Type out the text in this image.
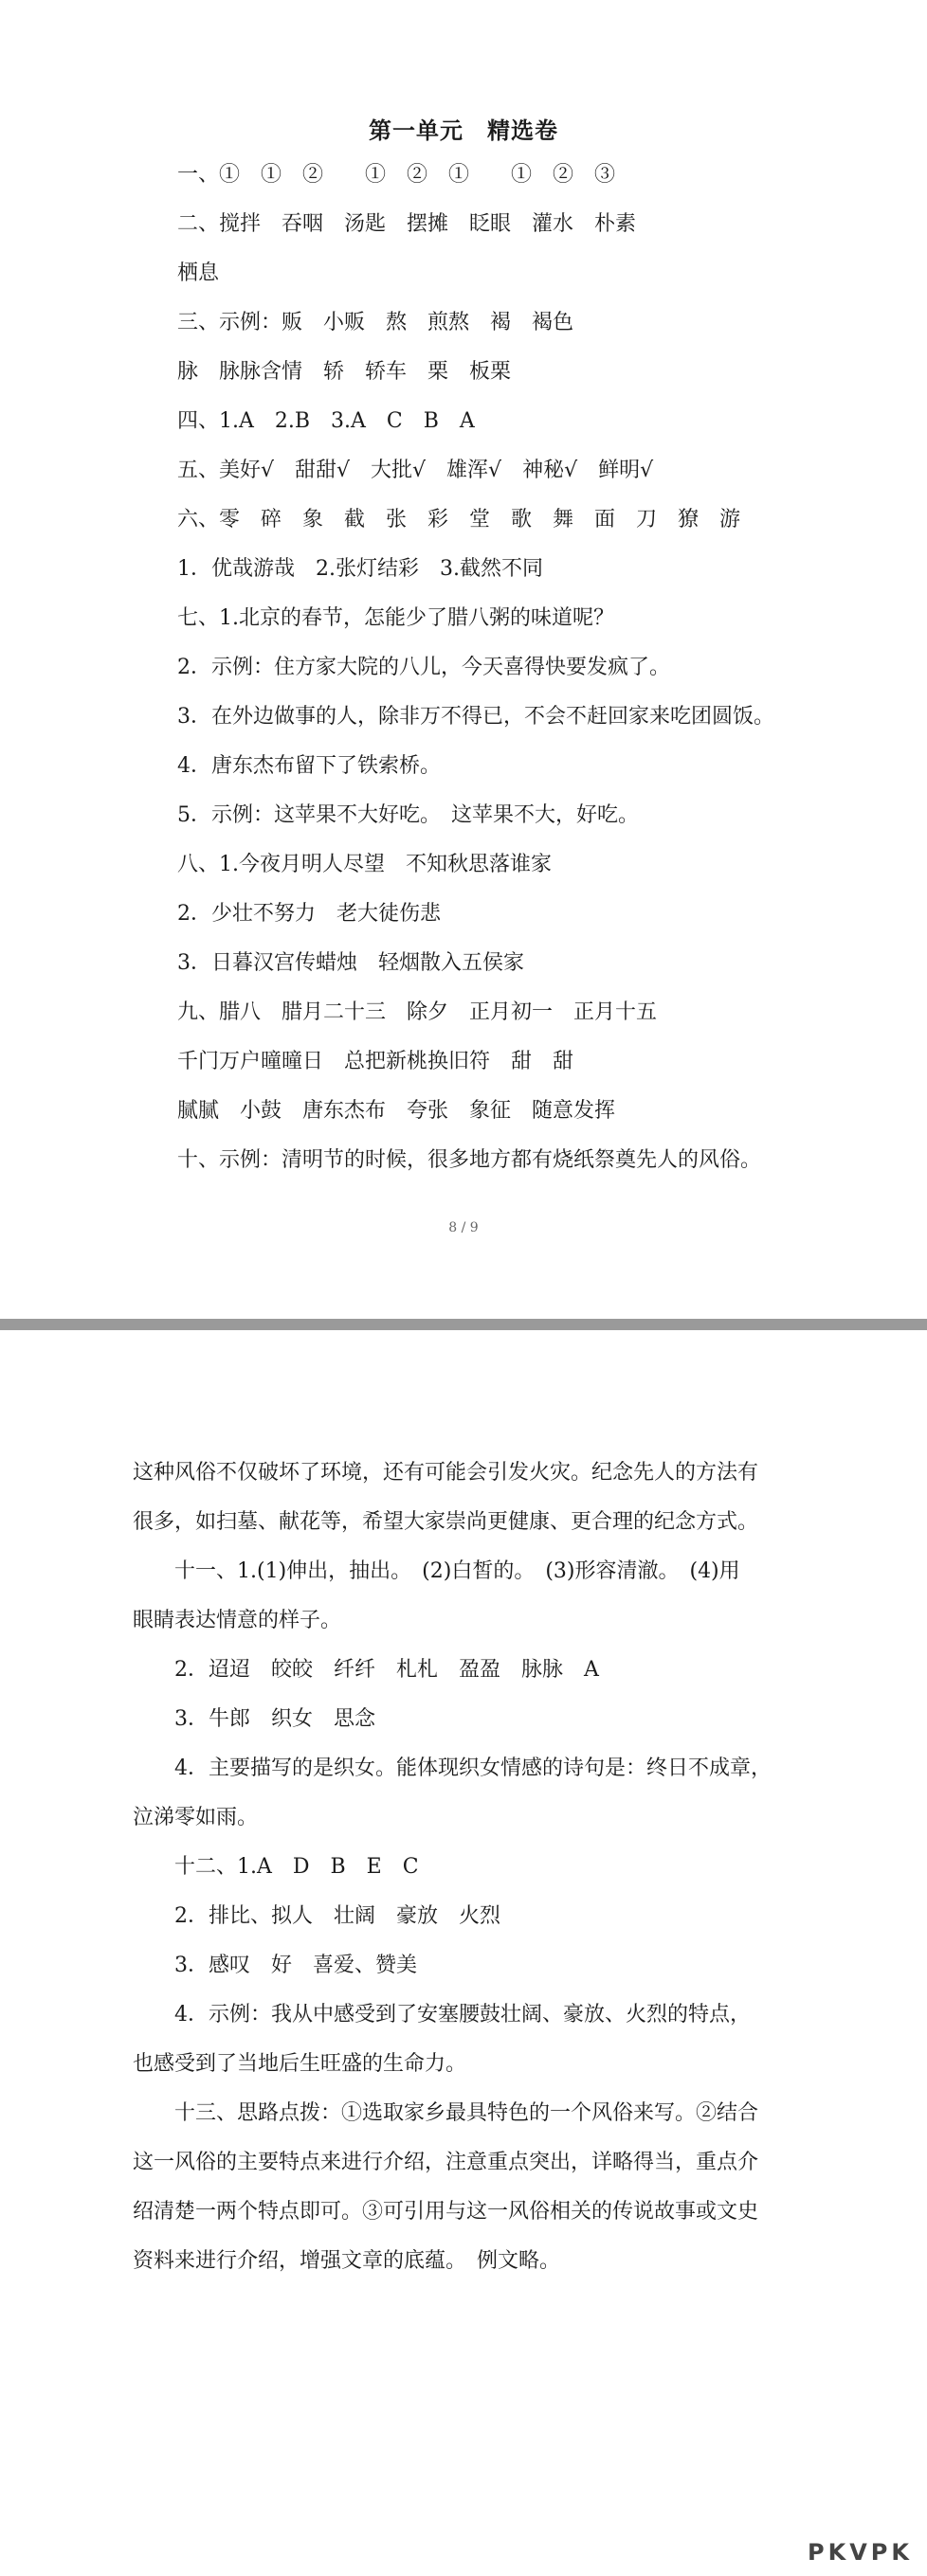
第一单元　精选卷
一、①　①　②　　①　②　①　　①　②　③
二、搅拌　吞咽　汤匙　摆摊　眨眼　灌水　朴素
栖息
三、示例：贩　小贩　熬　煎熬　褐　褐色
脉　脉脉含情　轿　轿车　栗　板栗
四、1.A　2.B　3.A　C　B　A
五、美好√　甜甜√　大批√　雄浑√　神秘√　鲜明√
六、零　碎　象　截　张　彩　堂　歌　舞　面　刀　獠　游
1．优哉游哉　2.张灯结彩　3.截然不同
七、1.北京的春节，怎能少了腊八粥的味道呢？
2．示例：住方家大院的八儿，今天喜得快要发疯了。
3．在外边做事的人，除非万不得已，不会不赶回家来吃团圆饭。
4．唐东杰布留下了铁索桥。
5．示例：这苹果不大好吃。　这苹果不大，好吃。
八、1.今夜月明人尽望　不知秋思落谁家
2．少壮不努力　老大徒伤悲
3．日暮汉宫传蜡烛　轻烟散入五侯家
九、腊八　腊月二十三　除夕　正月初一　正月十五
千门万户曈曈日　总把新桃换旧符　甜　甜
腻腻　小鼓　唐东杰布　夸张　象征　随意发挥
十、示例：清明节的时候，很多地方都有烧纸祭奠先人的风俗。
8 / 9
这种风俗不仅破坏了环境，还有可能会引发火灾。纪念先人的方法有
很多，如扫墓、献花等，希望大家崇尚更健康、更合理的纪念方式。
　　十一、1.(1)伸出，抽出。　(2)白皙的。　(3)形容清澈。　(4)用
眼睛表达情意的样子。
　　2．迢迢　皎皎　纤纤　札札　盈盈　脉脉　A
　　3．牛郎　织女　思念
　　4．主要描写的是织女。能体现织女情感的诗句是：终日不成章，
泣涕零如雨。
　　十二、1.A　D　B　E　C
　　2．排比、拟人　壮阔　豪放　火烈
　　3．感叹　好　喜爱、赞美
　　4．示例：我从中感受到了安塞腰鼓壮阔、豪放、火烈的特点，
也感受到了当地后生旺盛的生命力。
　　十三、思路点拨：①选取家乡最具特色的一个风俗来写。②结合
这一风俗的主要特点来进行介绍，注意重点突出，详略得当，重点介
绍清楚一两个特点即可。③可引用与这一风俗相关的传说故事或文史
资料来进行介绍，增强文章的底蕴。　例文略。
PKVPK
